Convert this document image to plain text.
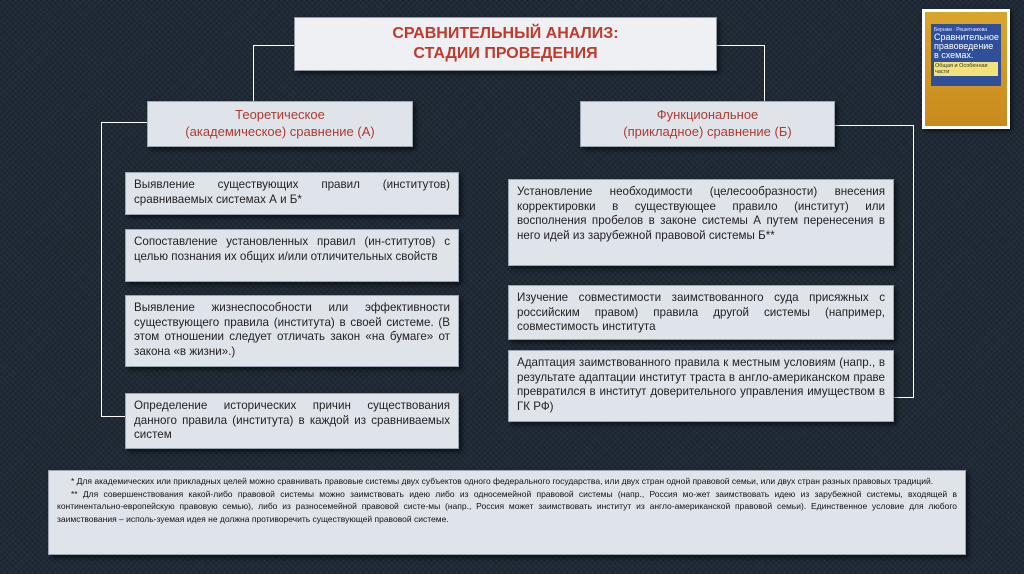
СРАВНИТЕЛЬНЫЙ АНАЛИЗ:
СТАДИИ ПРОВЕДЕНИЯ
Теоретическое
(академическое) сравнение (А)
Функциональное
(прикладное) сравнение (Б)
Выявление существующих правил (институтов) сравниваемых системах А и Б*
Сопоставление установленных правил (ин-ститутов) с целью познания их общих и/или отличительных свойств
Выявление жизнеспособности или эффективности существующего правила (института) в своей системе. (В этом отношении следует отличать закон «на бумаге» от закона «в жизни».)
Определение исторических причин существования данного правила (института) в каждой из сравниваемых систем
Установление необходимости (целесообразности) внесения корректировки в существующее правило (институт) или восполнения пробелов в законе системы А путем перенесения в него идей из зарубежной правовой системы Б**
Изучение совместимости заимствованного суда присяжных с российским правом) правила другой системы (например, совместимость института
Адаптация заимствованного правила к местным условиям (напр., в результате адаптации институт траста в англо-американском праве превратился в институт доверительного управления имуществом в ГК РФ)

* Для академических или прикладных целей можно сравнивать правовые системы двух субъектов одного федерального государства, или двух стран одной правовой семьи, или двух стран разных правовых традиций.

** Для совершенствования какой-либо правовой системы можно заимствовать идею либо из односемейной правовой системы (напр., Россия мо-жет заимствовать идею из зарубежной системы, входящей в континентально-европейскую правовую семью), либо из разносемейной правовой систе-мы (напр., Россия может заимствовать институт из англо-американской правовой семьи). Единственное условие для любого заимствования – исполь-зуемая идея не должна противоречить существующей правовой системе.

Бернам · Решетникова
Сравнительное правоведение в схемах.
Общая и Особенная части
